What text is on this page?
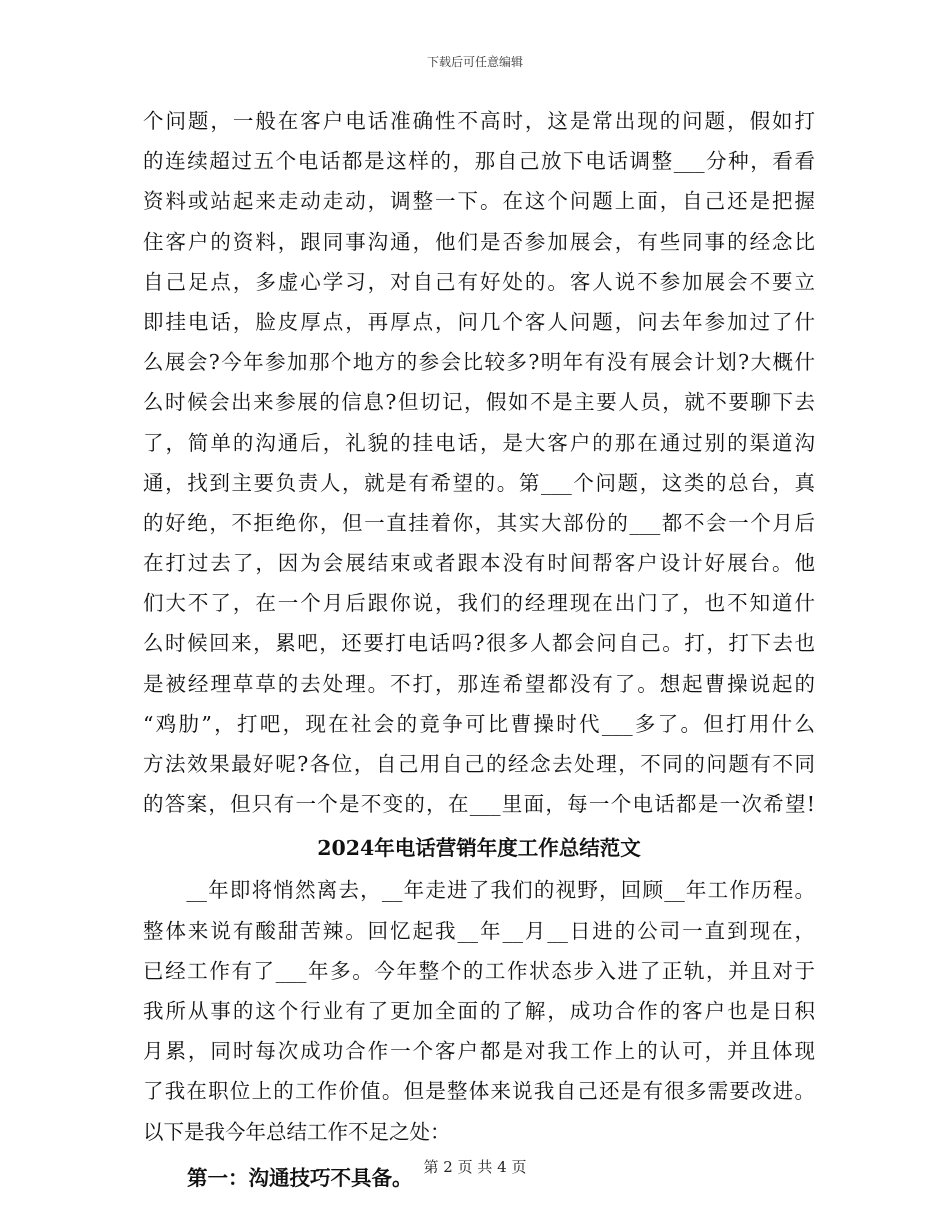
下载后可任意编辑
个问题，一般在客户电话准确性不高时，这是常出现的问题，假如打
的连续超过五个电话都是这样的，那自己放下电话调整___分种，看看
资料或站起来走动走动，调整一下。在这个问题上面，自己还是把握
住客户的资料，跟同事沟通，他们是否参加展会，有些同事的经念比
自己足点，多虚心学习，对自己有好处的。客人说不参加展会不要立
即挂电话，脸皮厚点，再厚点，问几个客人问题，问去年参加过了什
么展会?今年参加那个地方的参会比较多?明年有没有展会计划?大概什
么时候会出来参展的信息?但切记，假如不是主要人员，就不要聊下去
了，简单的沟通后，礼貌的挂电话，是大客户的那在通过别的渠道沟
通，找到主要负责人，就是有希望的。第___个问题，这类的总台，真
的好绝，不拒绝你，但一直挂着你，其实大部份的___都不会一个月后
在打过去了，因为会展结束或者跟本没有时间帮客户设计好展台。他
们大不了，在一个月后跟你说，我们的经理现在出门了，也不知道什
么时候回来，累吧，还要打电话吗?很多人都会问自己。打，打下去也
是被经理草草的去处理。不打，那连希望都没有了。想起曹操说起的
“鸡肋”，打吧，现在社会的竟争可比曹操时代___多了。但打用什么
方法效果最好呢?各位，自己用自己的经念去处理，不同的问题有不同
的答案，但只有一个是不变的，在___里面，每一个电话都是一次希望!
2024年电话营销年度工作总结范文
　　__年即将悄然离去，__年走进了我们的视野，回顾__年工作历程。
整体来说有酸甜苦辣。回忆起我__年__月__日进的公司一直到现在，
已经工作有了___年多。今年整个的工作状态步入进了正轨，并且对于
我所从事的这个行业有了更加全面的了解，成功合作的客户也是日积
月累，同时每次成功合作一个客户都是对我工作上的认可，并且体现
了我在职位上的工作价值。但是整体来说我自己还是有很多需要改进。
以下是我今年总结工作不足之处：
第一：沟通技巧不具备。 第 2 页 共 4 页
